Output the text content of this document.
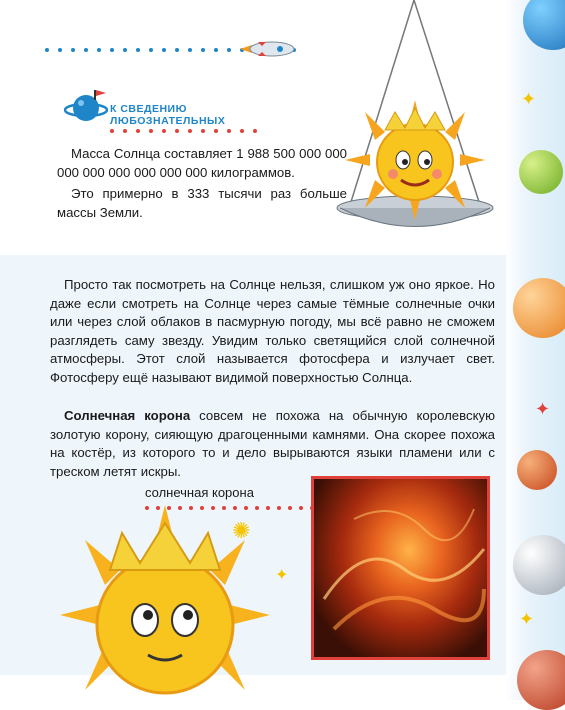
✦
✦
✦
К СВЕДЕНИЮ
ЛЮБОЗНАТЕЛЬНЫХ
Масса Солнца составляет 1 988 500 000 000 000 000 000 000 000 000 килограммов.
Это примерно в 333 тысячи раз больше массы Земли.
Просто так посмотреть на Солнце нельзя, слишком уж оно яркое. Но даже если смотреть на Солнце через самые тёмные солнечные очки или через слой облаков в пасмурную погоду, мы всё равно не сможем разглядеть саму звезду. Увидим только светящийся слой солнечной атмосферы. Этот слой называется фотосфера и излучает свет. Фотосферу ещё называют видимой поверхностью Солнца.
Солнечная корона совсем не похожа на обычную королевскую золотую корону, сияющую драгоценными камнями. Она скорее похожа на костёр, из которого то и дело вырываются языки пламени или с треском летят искры.
солнечная корона
✺
✦
